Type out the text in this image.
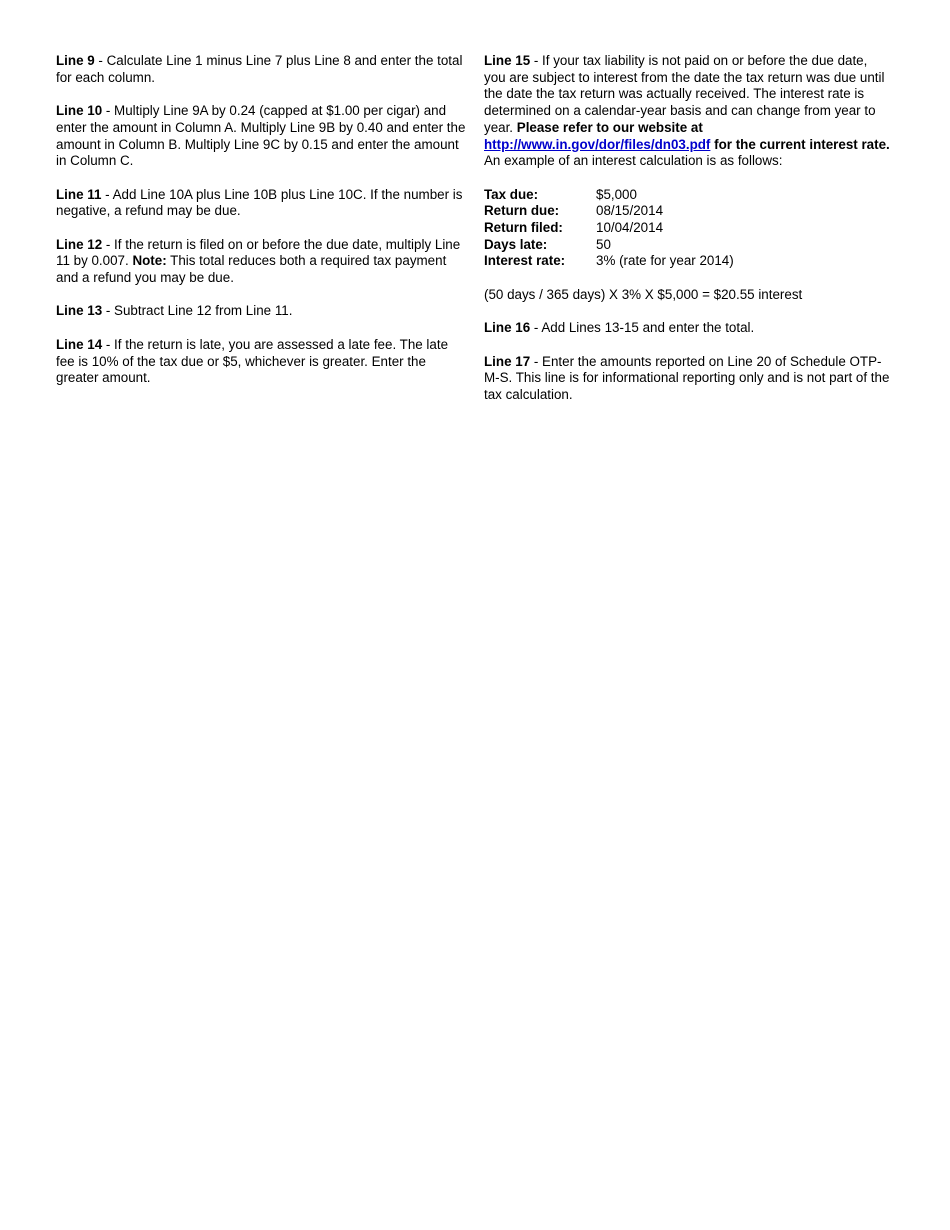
Line 9 - Calculate Line 1 minus Line 7 plus Line 8 and enter the total for each column.

Line 10 - Multiply Line 9A by 0.24 (capped at $1.00 per cigar) and enter the amount in Column A. Multiply Line 9B by 0.40 and enter the amount in Column B. Multiply Line 9C by 0.15 and enter the amount in Column C.

Line 11 - Add Line 10A plus Line 10B plus Line 10C. If the number is negative, a refund may be due.

Line 12 - If the return is filed on or before the due date, multiply Line 11 by 0.007. Note: This total reduces both a required tax payment and a refund you may be due.

Line 13 - Subtract Line 12 from Line 11.

Line 14 - If the return is late, you are assessed a late fee. The late fee is 10% of the tax due or $5, whichever is greater. Enter the greater amount.

Line 15 - If your tax liability is not paid on or before the due date, you are subject to interest from the date the tax return was due until the date the tax return was actually received. The interest rate is determined on a calendar-year basis and can change from year to year. Please refer to our website at http://www.in.gov/dor/files/dn03.pdf for the current interest rate. An example of an interest calculation is as follows:

Tax due:	$5,000
Return due:	08/15/2014
Return filed:	10/04/2014
Days late:	50
Interest rate:	3% (rate for year 2014)

(50 days / 365 days) X 3% X $5,000 = $20.55 interest

Line 16 - Add Lines 13-15 and enter the total.

Line 17 - Enter the amounts reported on Line 20 of Schedule OTP-M-S. This line is for informational reporting only and is not part of the tax calculation.
